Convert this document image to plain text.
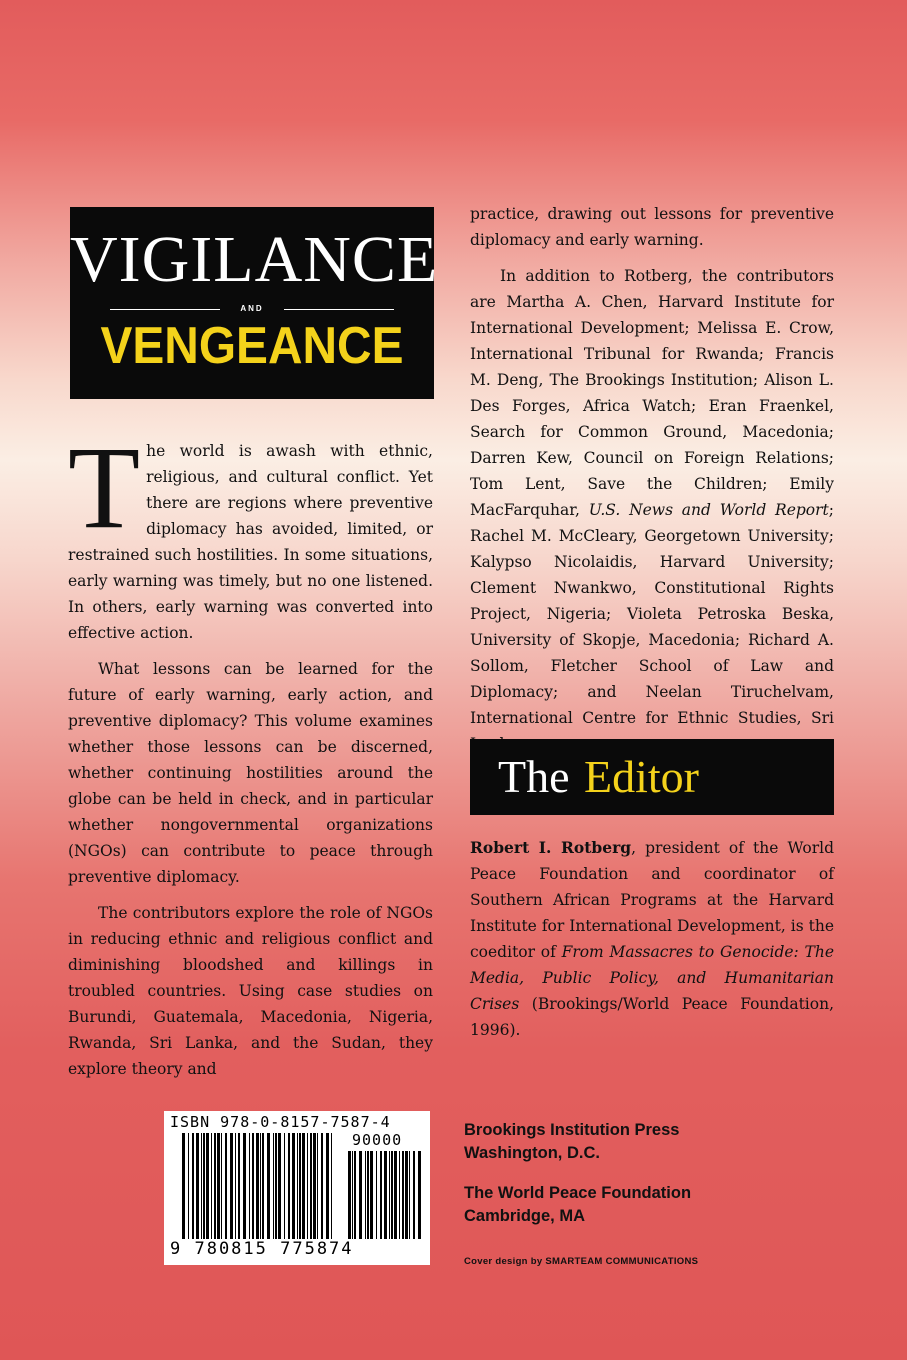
VIGILANCE
AND
VENGEANCE

The world is awash with ethnic, religious, and cultural conflict. Yet there are regions where preventive diplomacy has avoided, limited, or restrained such hostilities. In some situations, early warning was timely, but no one listened. In others, early warning was converted into effective action.

What lessons can be learned for the future of early warning, early action, and preventive diplomacy? This volume examines whether those lessons can be discerned, whether continuing hostilities around the globe can be held in check, and in particular whether nongovernmental organizations (NGOs) can contribute to peace through preventive diplomacy.

The contributors explore the role of NGOs in reducing ethnic and religious conflict and diminishing bloodshed and killings in troubled countries. Using case studies on Burundi, Guatemala, Macedonia, Nigeria, Rwanda, Sri Lanka, and the Sudan, they explore theory and

practice, drawing out lessons for preventive diplomacy and early warning.

In addition to Rotberg, the contributors are Martha A. Chen, Harvard Institute for International Development; Melissa E. Crow, International Tribunal for Rwanda; Francis M. Deng, The Brookings Institution; Alison L. Des Forges, Africa Watch; Eran Fraenkel, Search for Common Ground, Macedonia; Darren Kew, Council on Foreign Relations; Tom Lent, Save the Children; Emily MacFarquhar, U.S. News and World Report; Rachel M. McCleary, Georgetown University; Kalypso Nicolaidis, Harvard University; Clement Nwankwo, Constitutional Rights Project, Nigeria; Violeta Petroska Beska, University of Skopje, Macedonia; Richard A. Sollom, Fletcher School of Law and Diplomacy; and Neelan Tiruchelvam, International Centre for Ethnic Studies, Sri

The Editor

Robert I. Rotberg, president of the World Peace Foundation and coordinator of Southern African Programs at the Harvard Institute for International Development, is the coeditor of From Massacres to Genocide: The Media, Public Policy, and Humanitarian Crises (Brookings/World Peace Foundation, 1996).

ISBN 978-0-8157-7587-4
90000
9 780815 775874
Brookings Institution Press
Washington, D.C.
The World Peace Foundation
Cambridge, MA
Cover design by SMARTEAM COMMUNICATIONS
